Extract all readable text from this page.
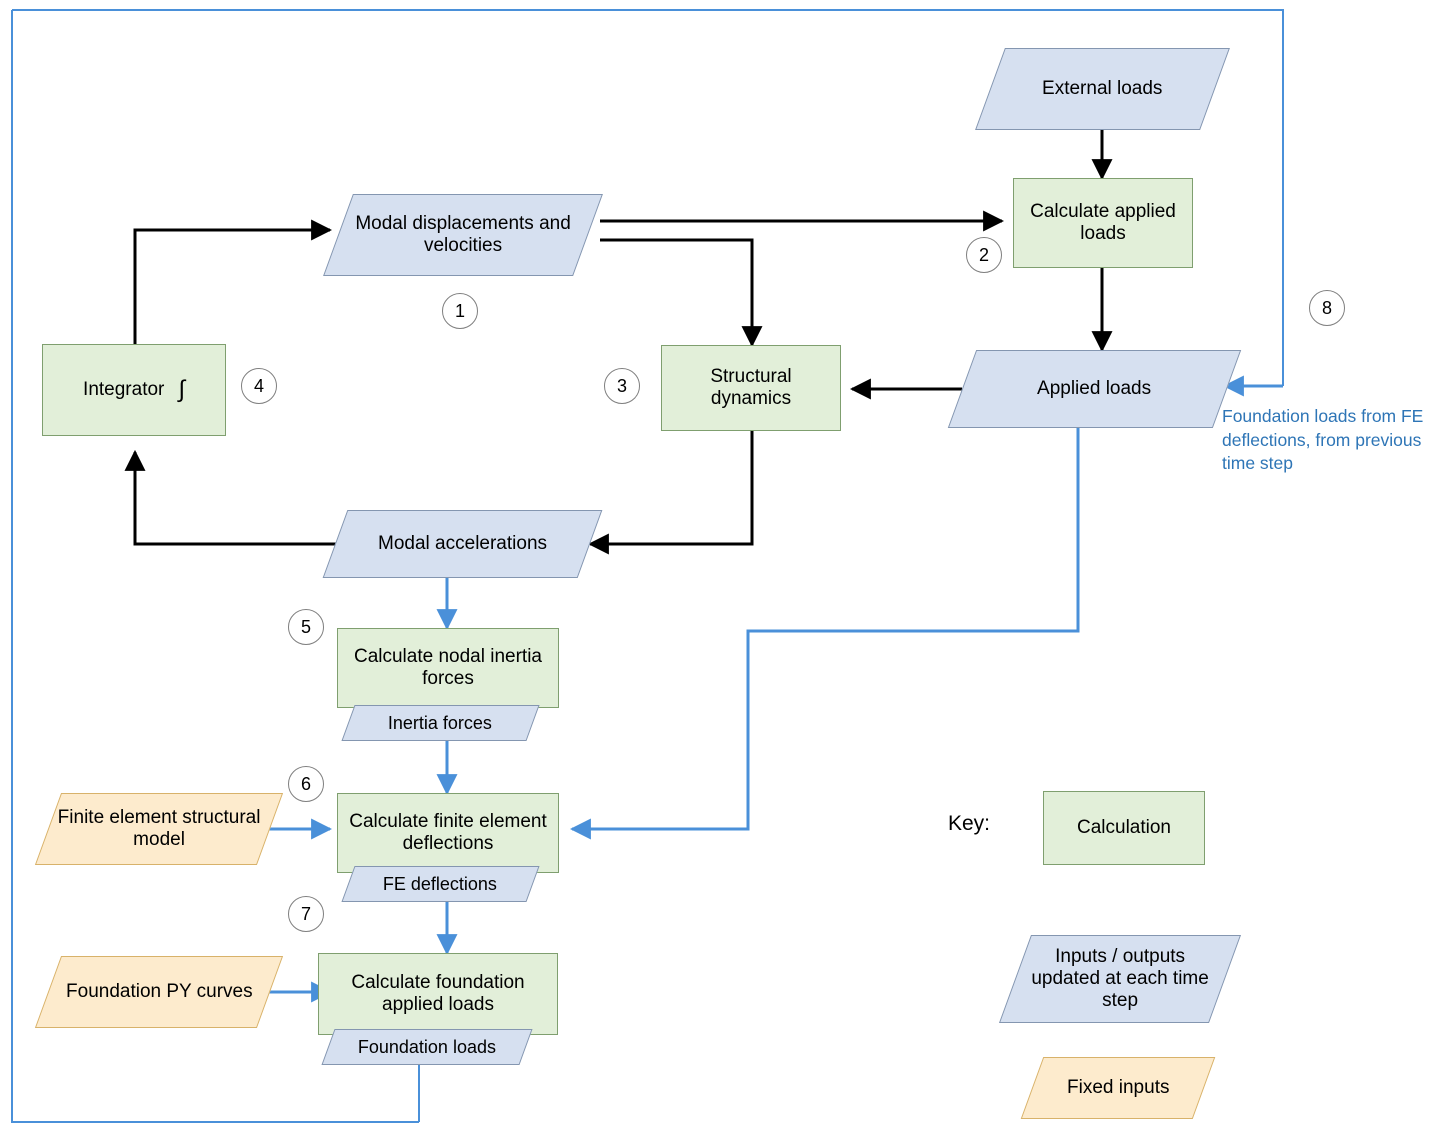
External loads
Modal displacements and velocities
Calculate applied loads
Integrator ∫	Structural dynamics	Applied loads
Modal accelerations
Calculate nodal inertia forces
Inertia forces
Finite element structural model
Calculate finite element deflections
FE deflections
Foundation PY curves	Calculate foundation applied loads
Foundation loads
1
2
3
4
5
6
7
8
Foundation loads from FE deflections, from previous time step
Key:	Calculation
Inputs / outputs updated at each time step
Fixed inputs
